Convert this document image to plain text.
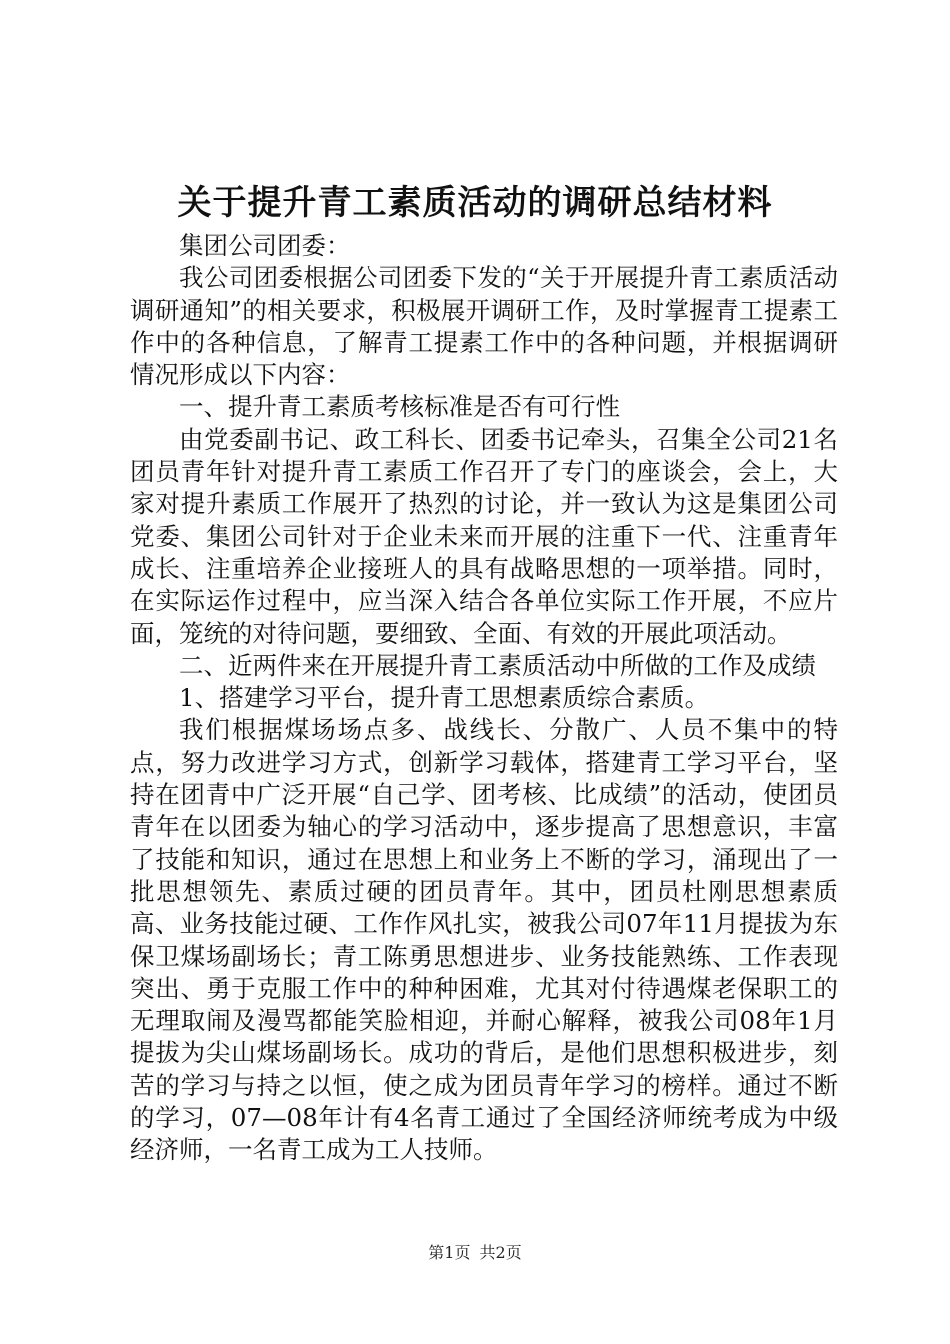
关于提升青工素质活动的调研总结材料

集团公司团委：

我公司团委根据公司团委下发的“关于开展提升青工素质活动调研通知”的相关要求，积极展开调研工作，及时掌握青工提素工作中的各种信息，了解青工提素工作中的各种问题，并根据调研情况形成以下内容：

一、提升青工素质考核标准是否有可行性

由党委副书记、政工科长、团委书记牵头，召集全公司21名团员青年针对提升青工素质工作召开了专门的座谈会，会上，大家对提升素质工作展开了热烈的讨论，并一致认为这是集团公司党委、集团公司针对于企业未来而开展的注重下一代、注重青年成长、注重培养企业接班人的具有战略思想的一项举措。同时，在实际运作过程中，应当深入结合各单位实际工作开展，不应片面，笼统的对待问题，要细致、全面、有效的开展此项活动。

二、近两件来在开展提升青工素质活动中所做的工作及成绩

1、搭建学习平台，提升青工思想素质综合素质。

我们根据煤场场点多、战线长、分散广、人员不集中的特点，努力改进学习方式，创新学习载体，搭建青工学习平台，坚持在团青中广泛开展“自己学、团考核、比成绩”的活动，使团员青年在以团委为轴心的学习活动中，逐步提高了思想意识，丰富了技能和知识，通过在思想上和业务上不断的学习，涌现出了一批思想领先、素质过硬的团员青年。其中，团员杜刚思想素质高、业务技能过硬、工作作风扎实，被我公司07年11月提拔为东保卫煤场副场长；青工陈勇思想进步、业务技能熟练、工作表现突出、勇于克服工作中的种种困难，尤其对付待遇煤老保职工的无理取闹及漫骂都能笑脸相迎，并耐心解释，被我公司08年1月提拔为尖山煤场副场长。成功的背后，是他们思想积极进步，刻苦的学习与持之以恒，使之成为团员青年学习的榜样。通过不断的学习，07—08年计有4名青工通过了全国经济师统考成为中级经济师，一名青工成为工人技师。

第1页 共2页
